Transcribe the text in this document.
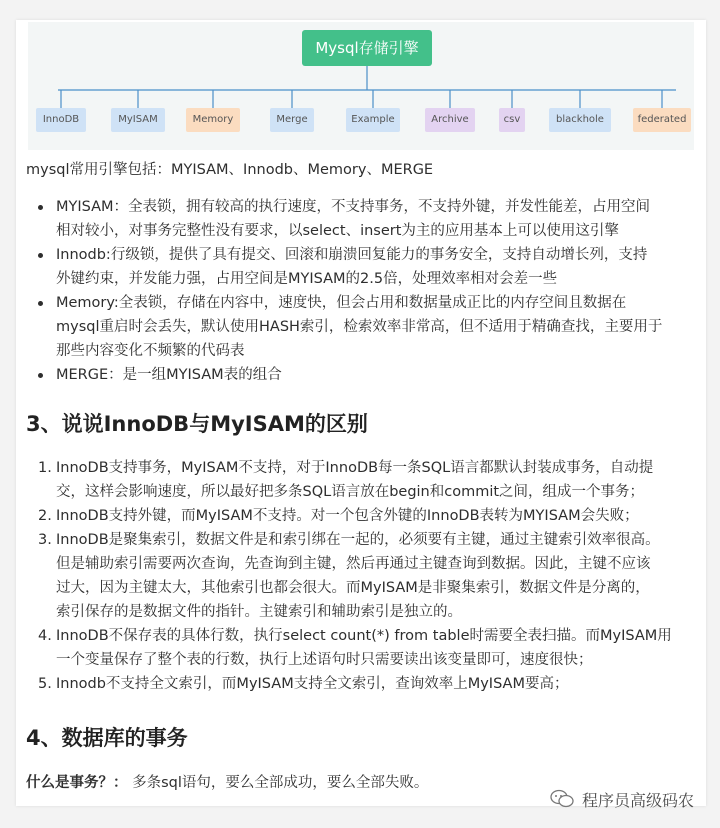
Mysql存储引擎
InnoDB	MyISAM	Memory	Merge	Example	Archive	csv	blackhole	federated
mysql常用引擎包括：MYISAM、Innodb、Memory、MERGE
MYISAM：全表锁，拥有较高的执行速度，不支持事务，不支持外键，并发性能差，占用空间
相对较小，对事务完整性没有要求，以select、insert为主的应用基本上可以使用这引擎
Innodb:行级锁，提供了具有提交、回滚和崩溃回复能力的事务安全，支持自动增长列，支持
外键约束，并发能力强，占用空间是MYISAM的2.5倍，处理效率相对会差一些
Memory:全表锁，存储在内容中，速度快，但会占用和数据量成正比的内存空间且数据在
mysql重启时会丢失，默认使用HASH索引，检索效率非常高，但不适用于精确查找，主要用于
那些内容变化不频繁的代码表
MERGE：是一组MYISAM表的组合
3、说说InnoDB与MyISAM的区别
1. InnoDB支持事务，MyISAM不支持，对于InnoDB每一条SQL语言都默认封装成事务，自动提
交，这样会影响速度，所以最好把多条SQL语言放在begin和commit之间，组成一个事务；
2. InnoDB支持外键，而MyISAM不支持。对一个包含外键的InnoDB表转为MYISAM会失败；
3. InnoDB是聚集索引，数据文件是和索引绑在一起的，必须要有主键，通过主键索引效率很高。
但是辅助索引需要两次查询，先查询到主键，然后再通过主键查询到数据。因此，主键不应该
过大，因为主键太大，其他索引也都会很大。而MyISAM是非聚集索引，数据文件是分离的，
索引保存的是数据文件的指针。主键索引和辅助索引是独立的。
4. InnoDB不保存表的具体行数，执行select count(*) from table时需要全表扫描。而MyISAM用
一个变量保存了整个表的行数，执行上述语句时只需要读出该变量即可，速度很快；
5. Innodb不支持全文索引，而MyISAM支持全文索引，查询效率上MyISAM要高；
4、数据库的事务
什么是事务？： 多条sql语句，要么全部成功，要么全部失败。
程序员高级码农
